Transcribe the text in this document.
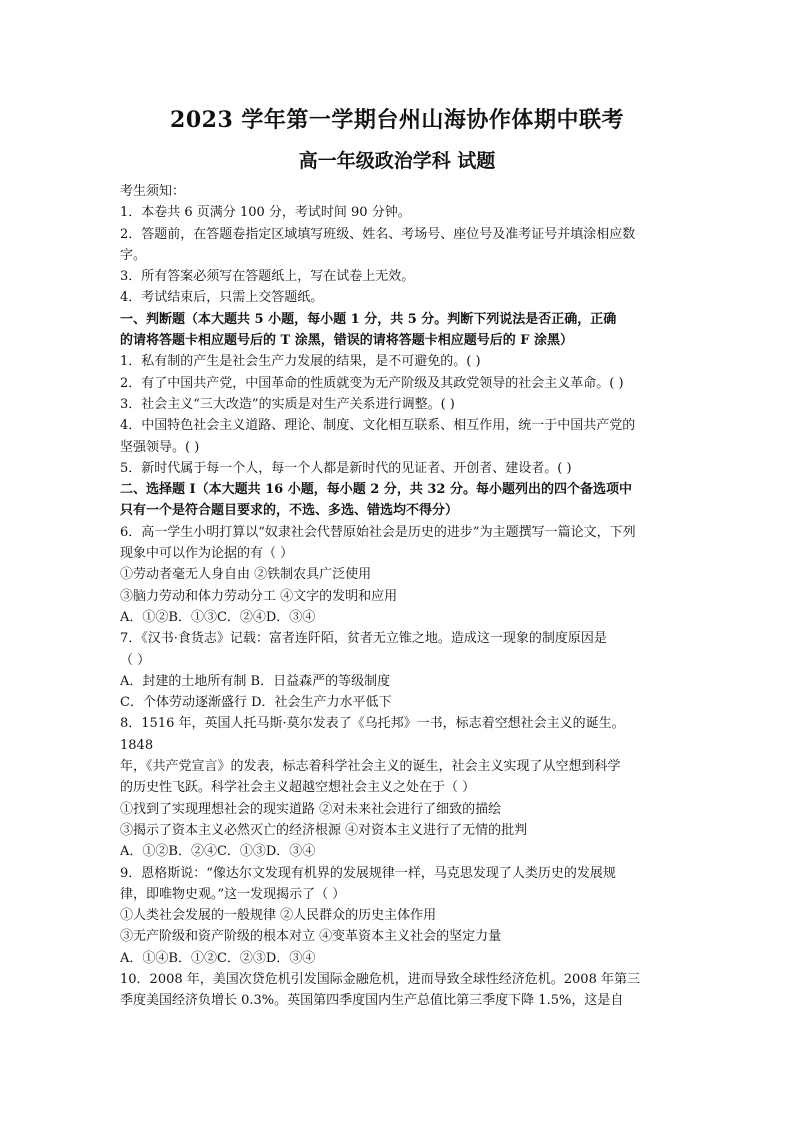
2023 学年第一学期台州山海协作体期中联考
高一年级政治学科 试题
考生须知：
1．本卷共 6 页满分 100 分，考试时间 90 分钟。
2．答题前，在答题卷指定区域填写班级、姓名、考场号、座位号及准考证号并填涂相应数
字。
3．所有答案必须写在答题纸上，写在试卷上无效。
4．考试结束后，只需上交答题纸。
一、判断题（本大题共 5 小题，每小题 1 分，共 5 分。判断下列说法是否正确，正确
的请将答题卡相应题号后的 T 涂黑，错误的请将答题卡相应题号后的 F 涂黑）
1．私有制的产生是社会生产力发展的结果，是不可避免的。( )
2．有了中国共产党，中国革命的性质就变为无产阶级及其政党领导的社会主义革命。( )
3．社会主义“三大改造”的实质是对生产关系进行调整。( )
4．中国特色社会主义道路、理论、制度、文化相互联系、相互作用，统一于中国共产党的
坚强领导。( )
5．新时代属于每一个人，每一个人都是新时代的见证者、开创者、建设者。( )
二、选择题 I（本大题共 16 小题，每小题 2 分，共 32 分。每小题列出的四个备选项中
只有一个是符合题目要求的，不选、多选、错选均不得分）
6．高一学生小明打算以“奴隶社会代替原始社会是历史的进步”为主题撰写一篇论文，下列
现象中可以作为论据的有（ ）
①劳动者毫无人身自由 ②铁制农具广泛使用
③脑力劳动和体力劳动分工 ④文字的发明和应用
A．①②B．①③C．②④D．③④
7．《汉书·食货志》记载：富者连阡陌，贫者无立锥之地。造成这一现象的制度原因是
（ ）
A．封建的土地所有制 B．日益森严的等级制度
C．个体劳动逐渐盛行 D．社会生产力水平低下
8．1516 年，英国人托马斯·莫尔发表了《乌托邦》一书，标志着空想社会主义的诞生。
1848
年，《共产党宣言》的发表，标志着科学社会主义的诞生，社会主义实现了从空想到科学
的历史性飞跃。科学社会主义超越空想社会主义之处在于（ ）
①找到了实现理想社会的现实道路 ②对未来社会进行了细致的描绘
③揭示了资本主义必然灭亡的经济根源 ④对资本主义进行了无情的批判
A．①②B．②④C．①③D．③④
9．恩格斯说：“像达尔文发现有机界的发展规律一样，马克思发现了人类历史的发展规
律，即唯物史观。”这一发现揭示了（ ）
①人类社会发展的一般规律 ②人民群众的历史主体作用
③无产阶级和资产阶级的根本对立 ④变革资本主义社会的坚定力量
A．①④B．①②C．②③D．③④
10．2008 年，美国次贷危机引发国际金融危机，进而导致全球性经济危机。2008 年第三
季度美国经济负增长 0.3%。英国第四季度国内生产总值比第三季度下降 1.5%，这是自
